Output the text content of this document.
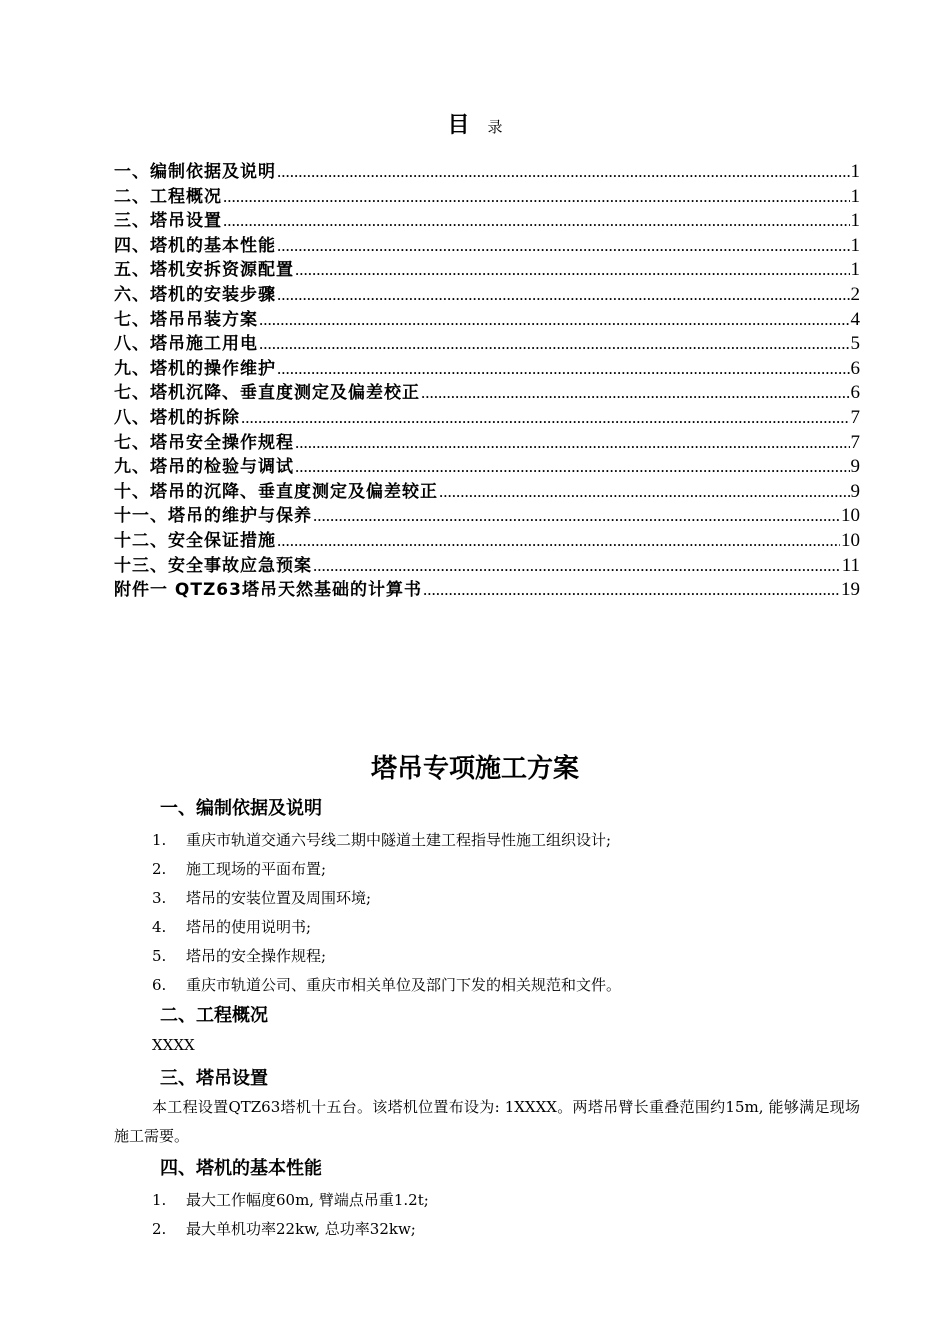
目 录
一、编制依据及说明 .....	1
二、工程概况 .....	1
三、塔吊设置 .....	1
四、塔机的基本性能 .....	1
五、塔机安拆资源配置 .....	1
六、塔机的安装步骤 .....	2
七、塔吊吊装方案 .....	4
八、塔吊施工用电 .....	5
九、塔机的操作维护 .....	6
七、塔机沉降、垂直度测定及偏差校正 .....	6
八、塔机的拆除 .....	7
七、塔吊安全操作规程 .....	7
九、塔吊的检验与调试 .....	9
十、塔吊的沉降、垂直度测定及偏差较正 .....	9
十一、塔吊的维护与保养 .....	10
十二、安全保证措施 .....	10
十三、安全事故应急预案 .....	11
附件一 QTZ63塔吊天然基础的计算书 .....	19
塔吊专项施工方案
一、编制依据及说明
1. 重庆市轨道交通六号线二期中隧道土建工程指导性施工组织设计;
2. 施工现场的平面布置;
3. 塔吊的安装位置及周围环境;
4. 塔吊的使用说明书;
5. 塔吊的安全操作规程;
6. 重庆市轨道公司、重庆市相关单位及部门下发的相关规范和文件。
二、工程概况
XXXX
三、塔吊设置
本工程设置QTZ63塔机十五台。该塔机位置布设为: 1XXXX。两塔吊臂长重叠范围约15m, 能够满足现场施工需要。
四、塔机的基本性能
1. 最大工作幅度60m, 臂端点吊重1.2t;
2. 最大单机功率22kw, 总功率32kw;
